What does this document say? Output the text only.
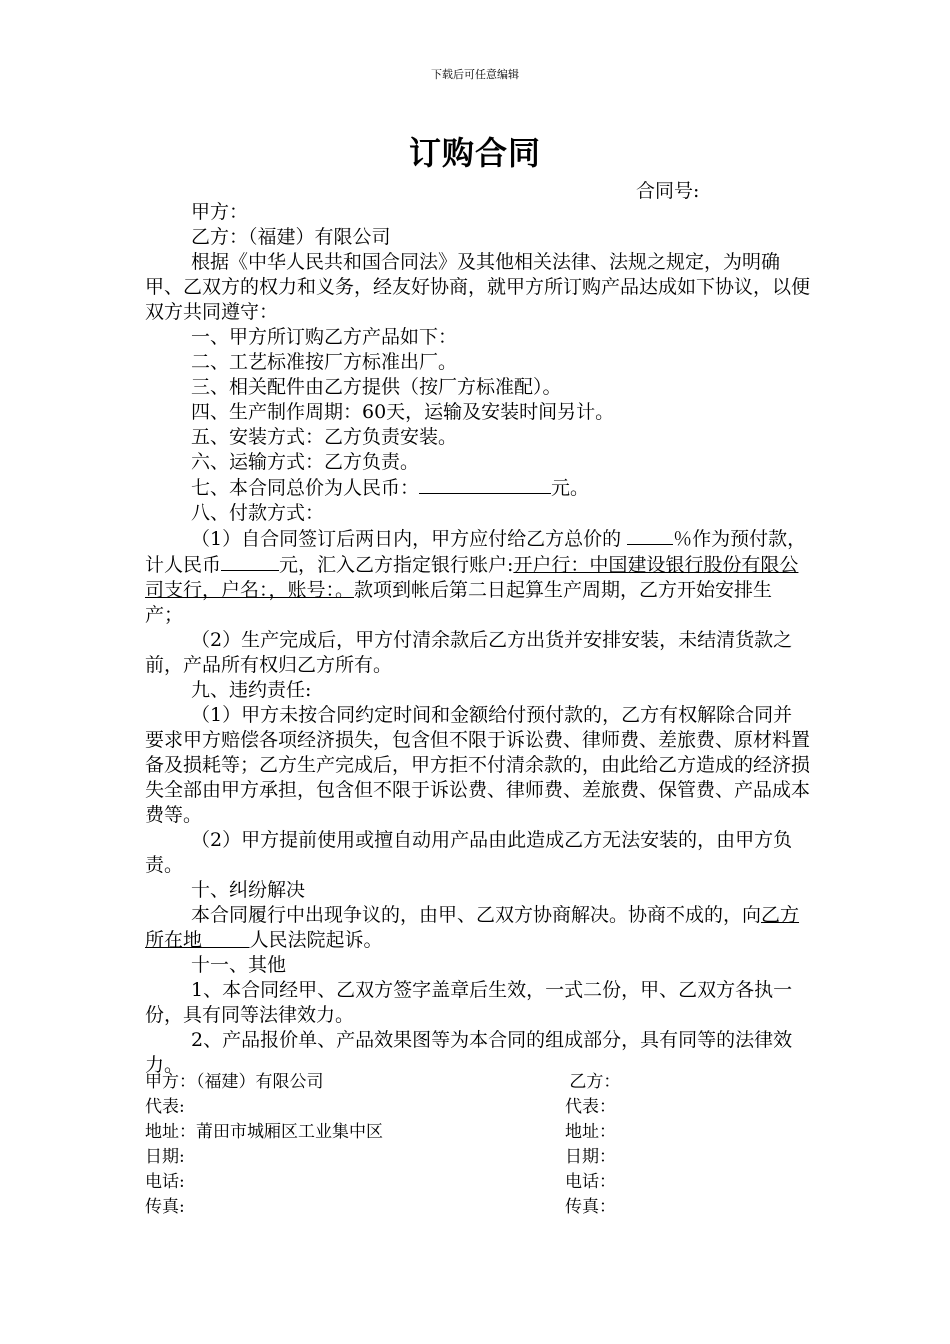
下载后可任意编辑
订购合同
合同号:

甲方：

乙方：（福建）有限公司

根据《中华人民共和国合同法》及其他相关法律、法规之规定，为明确甲、乙双方的权力和义务，经友好协商，就甲方所订购产品达成如下协议，以便双方共同遵守：

一、甲方所订购乙方产品如下：

二、工艺标准按厂方标准出厂。

三、相关配件由乙方提供（按厂方标准配）。

四、生产制作周期：60天，运输及安装时间另计。

五、安装方式：乙方负责安装。

六、运输方式：乙方负责。

七、本合同总价为人民币：	元。

八、付款方式：

（1）自合同签订后两日内，甲方应付给乙方总价的	％作为预付款，计人民币	元，汇入乙方指定银行账户:开户行：中国建设银行股份有限公司支行，户名：，账号：。款项到帐后第二日起算生产周期，乙方开始安排生产；

（2）生产完成后，甲方付清余款后乙方出货并安排安装，未结清货款之前，产品所有权归乙方所有。

九、违约责任:

（1）甲方未按合同约定时间和金额给付预付款的，乙方有权解除合同并要求甲方赔偿各项经济损失，包含但不限于诉讼费、律师费、差旅费、原材料置备及损耗等；乙方生产完成后，甲方拒不付清余款的，由此给乙方造成的经济损失全部由甲方承担，包含但不限于诉讼费、律师费、差旅费、保管费、产品成本费等。

（2）甲方提前使用或擅自动用产品由此造成乙方无法安装的，由甲方负责。

十、纠纷解决

本合同履行中出现争议的，由甲、乙双方协商解决。协商不成的，向乙方所在地   	人民法院起诉。

十一、其他

1、本合同经甲、乙双方签字盖章后生效，一式二份，甲、乙双方各执一份，具有同等法律效力。

2、产品报价单、产品效果图等为本合同的组成部分，具有同等的法律效力。

甲方：（福建）有限公司	乙方：
代表:	代表：
地址：莆田市城厢区工业集中区	地址：
日期:	日期：
电话:	电话：
传真:	传真：
